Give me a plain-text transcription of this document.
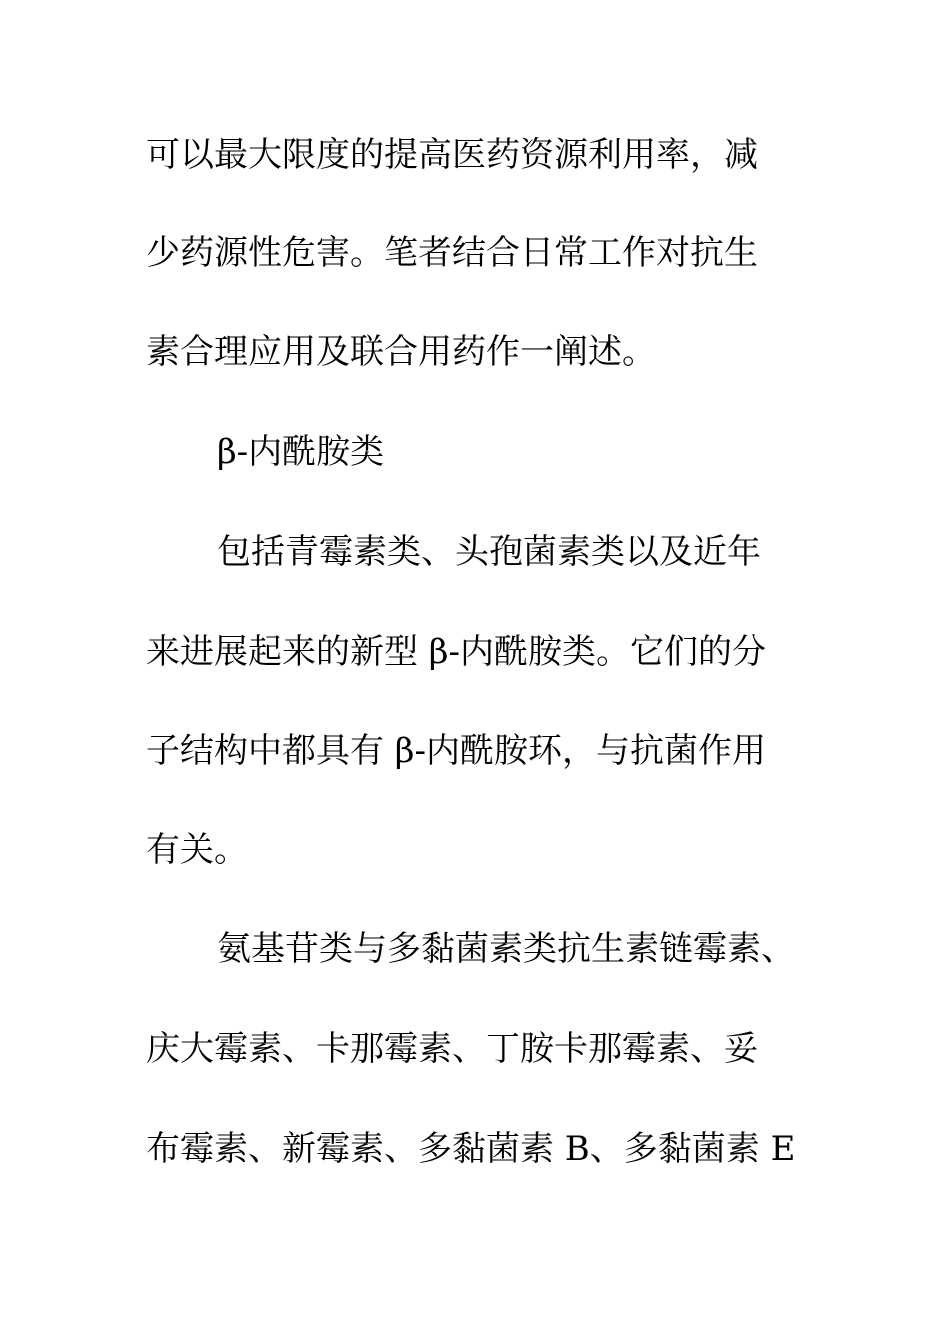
可以最大限度的提高医药资源利用率，减

少药源性危害。笔者结合日常工作对抗生

素合理应用及联合用药作一阐述。

β-内酰胺类

包括青霉素类、头孢菌素类以及近年

来进展起来的新型 β-内酰胺类。它们的分

子结构中都具有 β-内酰胺环，与抗菌作用

有关。

氨基苷类与多黏菌素类抗生素链霉素、

庆大霉素、卡那霉素、丁胺卡那霉素、妥

布霉素、新霉素、多黏菌素 B、多黏菌素 E
